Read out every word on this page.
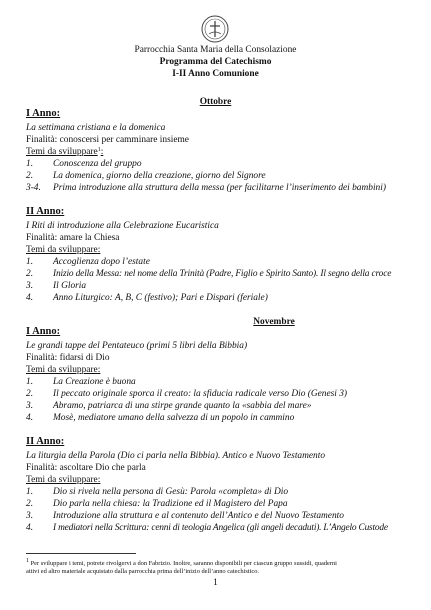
Parrocchia Santa Maria della Consolazione
Programma del Catechismo
I-II Anno Comunione
Ottobre
I Anno:
La settimana cristiana e la domenica
Finalità: conoscersi per camminare insieme
Temi da sviluppare$^1$:
1. Conoscenza del gruppo
2. La domenica, giorno della creazione, giorno del Signore
3-4. Prima introduzione alla struttura della messa (per facilitarne l’inserimento dei bambini)
II Anno:
I Riti di introduzione alla Celebrazione Eucaristica
Finalità: amare la Chiesa
Temi da sviluppare:
1. Accoglienza dopo l’estate
2. Inizio della Messa: nel nome della Trinità (Padre, Figlio e Spirito Santo). Il segno della croce
3. Il Gloria
4. Anno Liturgico: A, B, C (festivo); Pari e Dispari (feriale)
Novembre
I Anno:
Le grandi tappe del Pentateuco (primi 5 libri della Bibbia)
Finalità: fidarsi di Dio
Temi da sviluppare:
1. La Creazione è buona
2. Il peccato originale sporca il creato: la sfiducia radicale verso Dio (Genesi 3)
3. Abramo, patriarca di una stirpe grande quanto la «sabbia del mare»
4. Mosè, mediatore umano della salvezza di un popolo in cammino
II Anno:
La liturgia della Parola (Dio ci parla nella Bibbia). Antico e Nuovo Testamento
Finalità: ascoltare Dio che parla
Temi da sviluppare:
1. Dio si rivela nella persona di Gesù: Parola «completa» di Dio
2. Dio parla nella chiesa: la Tradizione ed il Magistero del Papa
3. Introduzione alla struttura e al contenuto dell’Antico e del Nuovo Testamento
4. I mediatori nella Scrittura: cenni di teologia Angelica (gli angeli decaduti). L’Angelo Custode
$^1$ Per sviluppare i temi, potrete rivolgervi a don Fabrizio. Inoltre, saranno disponibili per ciascun gruppo sussidi, quaderni
attivi ed altro materiale acquistato dalla parrocchia prima dell’inizio dell’anno catechistico.
1
